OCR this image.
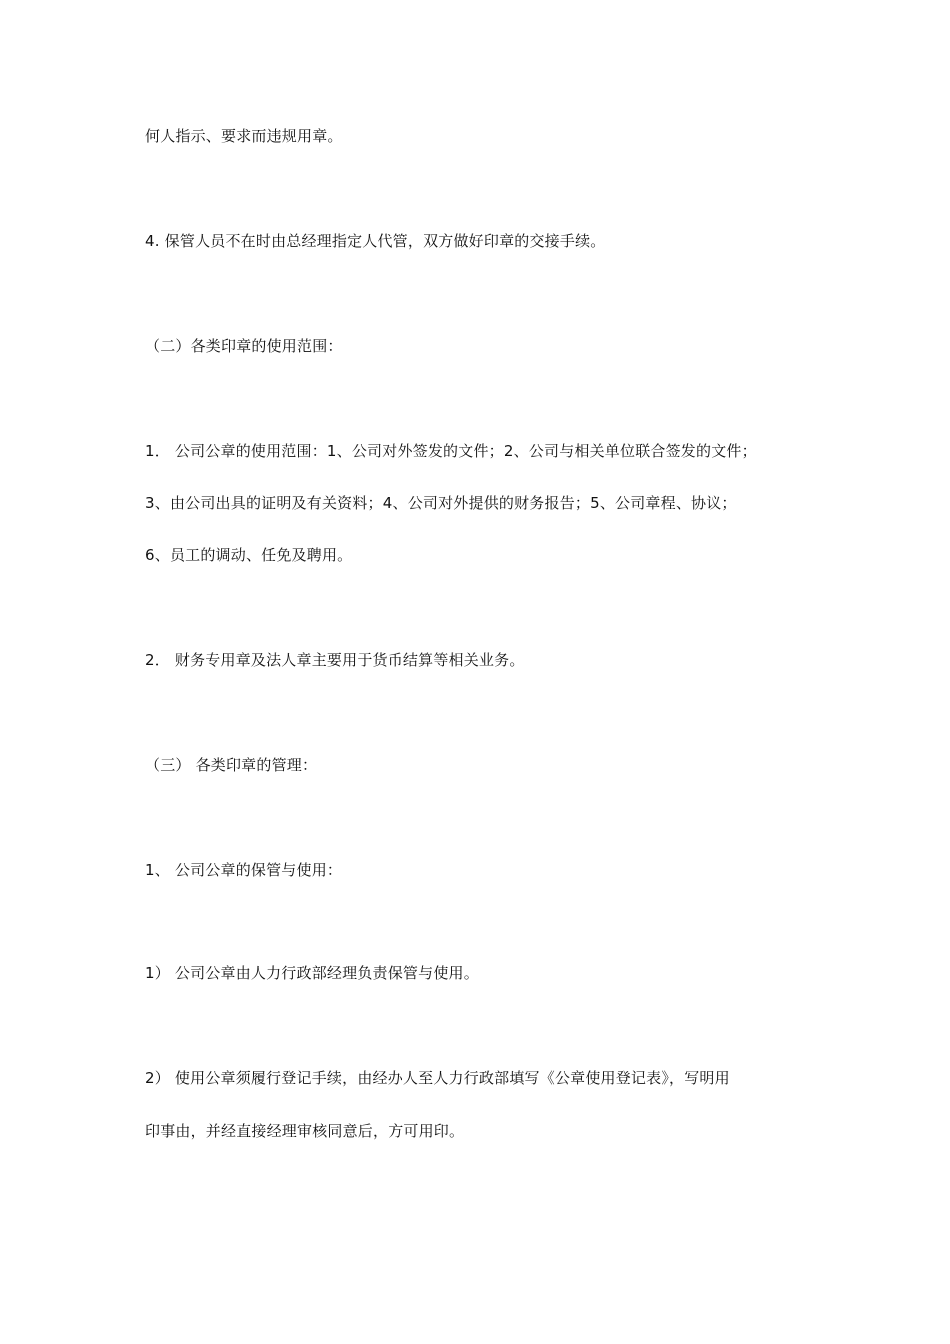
何人指示、要求而违规用章。
4. 保管人员不在时由总经理指定人代管，双方做好印章的交接手续。
（二）各类印章的使用范围：
1． 公司公章的使用范围：1、公司对外签发的文件；2、公司与相关单位联合签发的文件；
3、由公司出具的证明及有关资料；4、公司对外提供的财务报告；5、公司章程、协议；
6、员工的调动、任免及聘用。
2． 财务专用章及法人章主要用于货币结算等相关业务。
（三） 各类印章的管理：
1、 公司公章的保管与使用：
1） 公司公章由人力行政部经理负责保管与使用。
2） 使用公章须履行登记手续，由经办人至人力行政部填写《公章使用登记表》，写明用
印事由，并经直接经理审核同意后，方可用印。
